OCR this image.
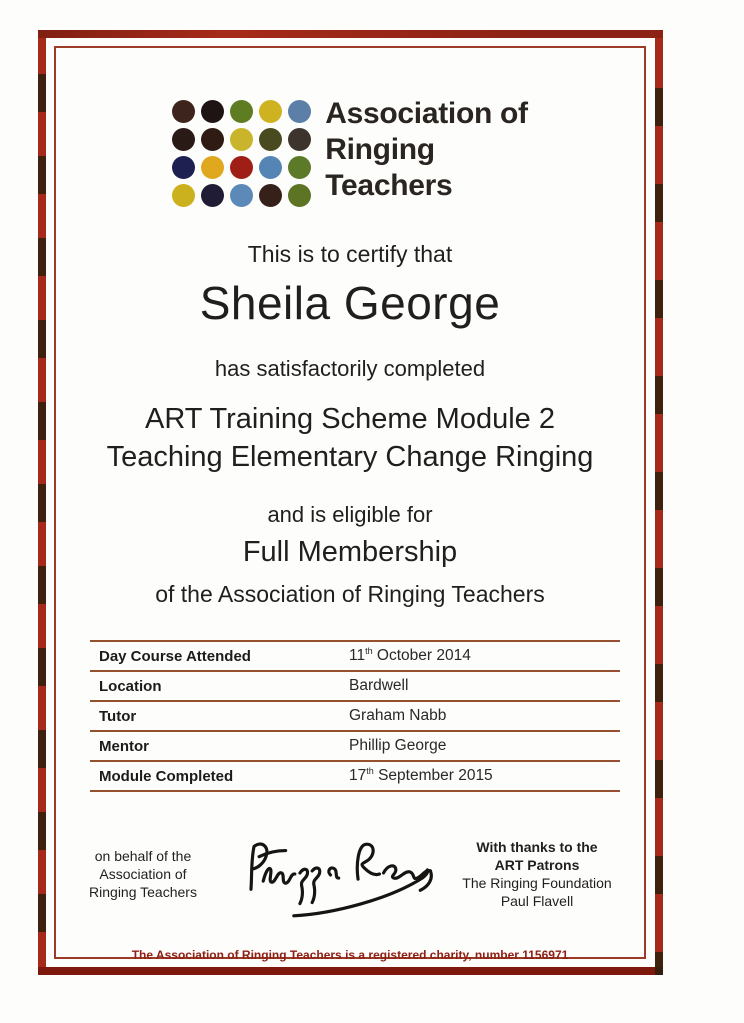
Association of
Ringing
Teachers
This is to certify that
Sheila George
has satisfactorily completed
ART Training Scheme Module 2
Teaching Elementary Change Ringing
and is eligible for
Full Membership
of the Association of Ringing Teachers
Day Course Attended	11th October 2014
Location	Bardwell
Tutor	Graham Nabb
Mentor	Phillip George
Module Completed	17th September 2015
on behalf of the
Association of
Ringing Teachers
With thanks to the
ART Patrons
The Ringing Foundation
Paul Flavell
The Association of Ringing Teachers is a registered charity, number 1156971
